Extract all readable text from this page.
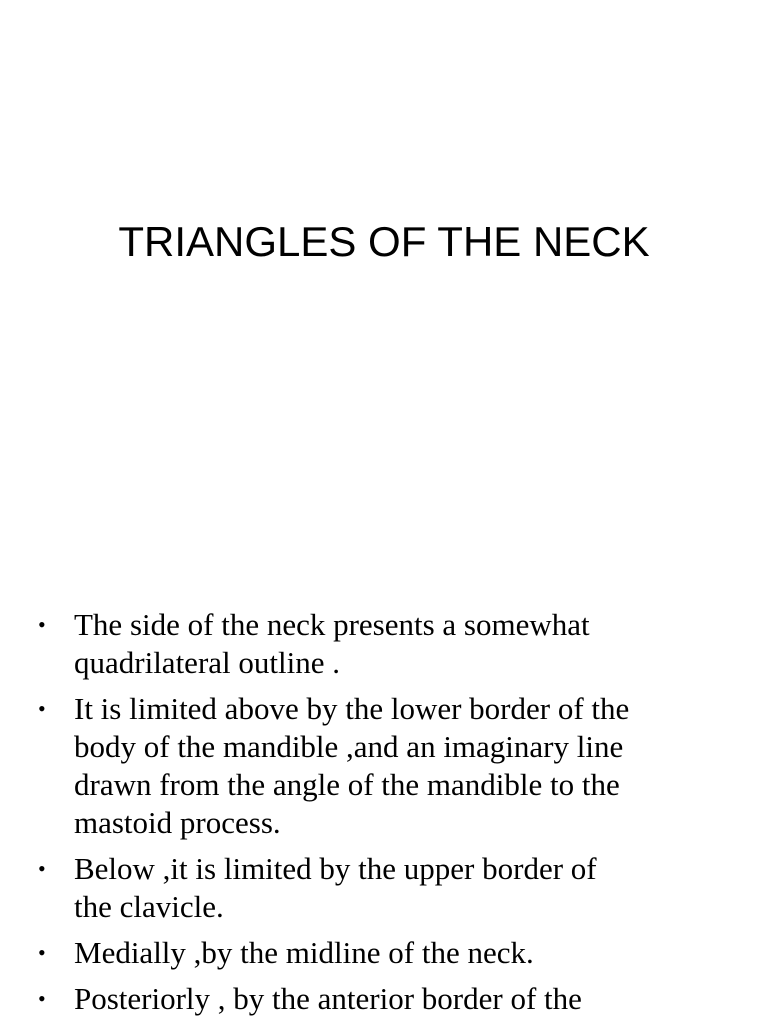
TRIANGLES OF THE NECK
• The side of the neck presents a somewhat
quadrilateral outline .
• It is limited above by the lower border of the
body of the mandible ,and an imaginary line
drawn from the angle of the mandible to the
mastoid process.
• Below ,it is limited by the upper border of
the clavicle.
• Medially ,by the midline of the neck.
• Posteriorly , by the anterior border of the
